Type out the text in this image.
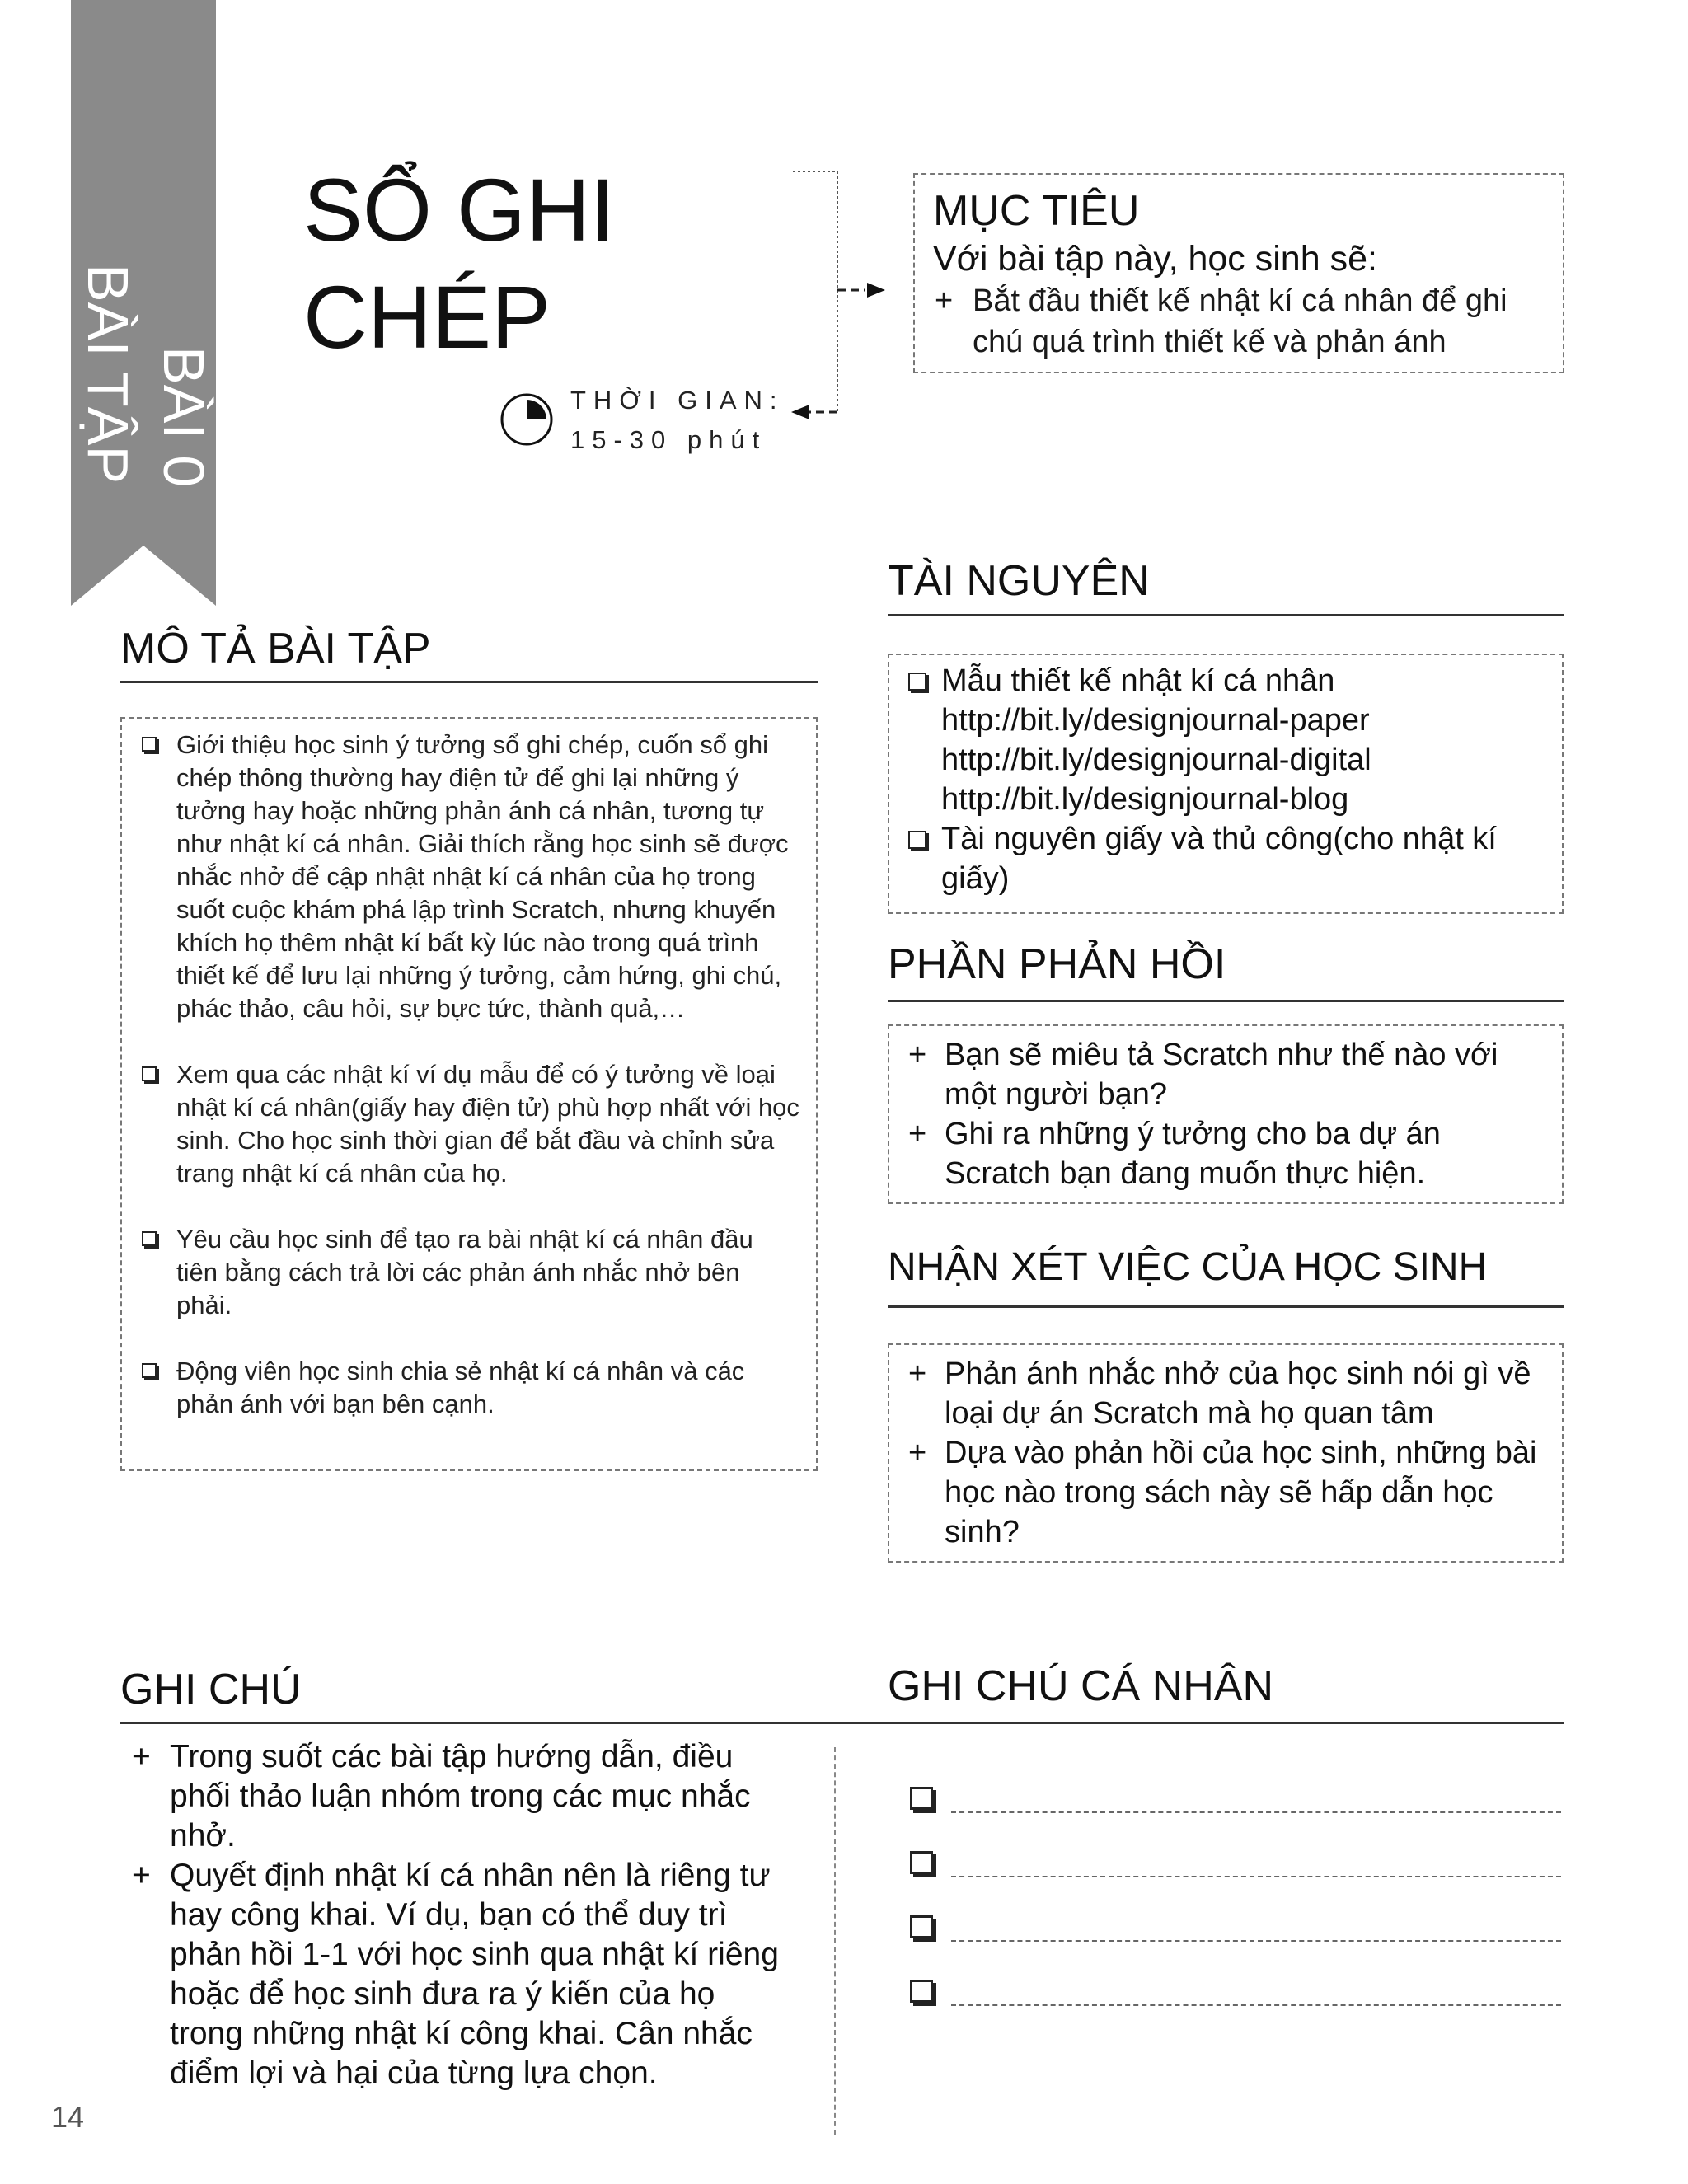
BÀI 0
BÀI TẬP
SỔ GHI
CHÉP
THỜI GIAN:
15-30 phút
MỤC TIÊU
Với bài tập này, học sinh sẽ:
+ Bắt đầu thiết kế nhật kí cá nhân để ghi chú quá trình thiết kế và phản ánh
TÀI NGUYÊN
Mẫu thiết kế nhật kí cá nhân
http://bit.ly/designjournal-paper
http://bit.ly/designjournal-digital
http://bit.ly/designjournal-blog
Tài nguyên giấy và thủ công(cho nhật kí giấy)
MÔ TẢ BÀI TẬP
Giới thiệu học sinh ý tưởng sổ ghi chép, cuốn sổ ghi chép thông thường hay điện tử để ghi lại những ý tưởng hay hoặc những phản ánh cá nhân, tương tự như nhật kí cá nhân. Giải thích rằng học sinh sẽ được nhắc nhở để cập nhật nhật kí cá nhân của họ trong suốt cuộc khám phá lập trình Scratch, nhưng khuyến khích họ thêm nhật kí bất kỳ lúc nào trong quá trình thiết kế để lưu lại những ý tưởng, cảm hứng, ghi chú, phác thảo, câu hỏi, sự bực tức, thành quả,…
Xem qua các nhật kí ví dụ mẫu để có ý tưởng về loại nhật kí cá nhân(giấy hay điện tử) phù hợp nhất với học sinh. Cho học sinh thời gian để bắt đầu và chỉnh sửa trang nhật kí cá nhân của họ.
Yêu cầu học sinh để tạo ra bài nhật kí cá nhân đầu tiên bằng cách trả lời các phản ánh nhắc nhở bên phải.
Động viên học sinh chia sẻ nhật kí cá nhân và các phản ánh với bạn bên cạnh.
PHẦN PHẢN HỒI
+ Bạn sẽ miêu tả Scratch như thế nào với một người bạn?
+ Ghi ra những ý tưởng cho ba dự án Scratch bạn đang muốn thực hiện.
NHẬN XÉT VIỆC CỦA HỌC SINH
+ Phản ánh nhắc nhở của học sinh nói gì về loại dự án Scratch mà họ quan tâm
+ Dựa vào phản hồi của học sinh, những bài học nào trong sách này sẽ hấp dẫn học sinh?
GHI CHÚ
+ Trong suốt các bài tập hướng dẫn, điều phối thảo luận nhóm trong các mục nhắc nhở.
+ Quyết định nhật kí cá nhân nên là riêng tư hay công khai. Ví dụ, bạn có thể duy trì phản hồi 1-1 với học sinh qua nhật kí riêng hoặc để học sinh đưa ra ý kiến của họ trong những nhật kí công khai. Cân nhắc điểm lợi và hại của từng lựa chọn.
GHI CHÚ CÁ NHÂN
14
